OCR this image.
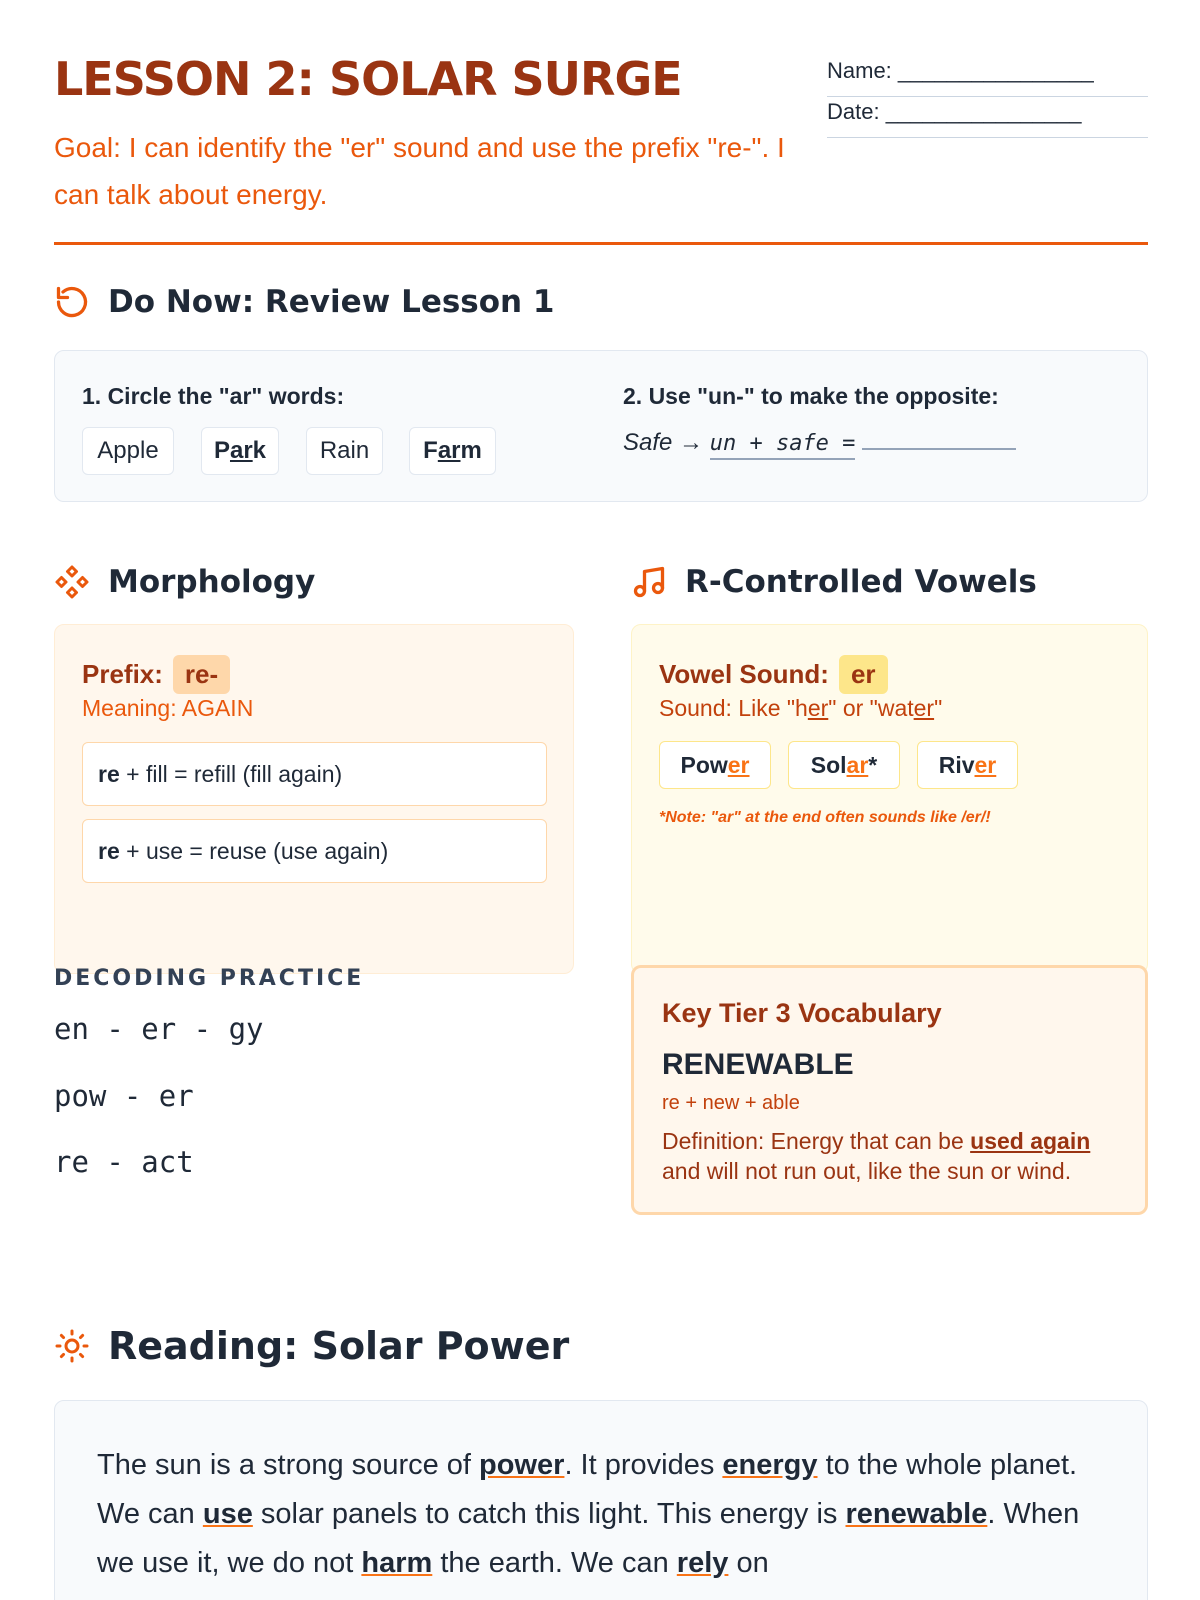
LESSON 2: SOLAR SURGE
Goal: I can identify the "er" sound and use the prefix "re-". I can talk about energy.
Name: ________________
Date: ________________
Do Now: Review Lesson 1
1. Circle the "ar" words:
Apple	Park	Rain	Farm
2. Use "un-" to make the opposite:
Safe → un + safe =
Morphology
Prefix: re-
Meaning: AGAIN
re + fill = refill (fill again)
re + use = reuse (use again)
DECODING PRACTICE
en - er - gy
pow - er
re - act
R-Controlled Vowels
Vowel Sound: er
Sound: Like "her" or "water"
Power	Solar*	River
*Note: "ar" at the end often sounds like /er/!
Key Tier 3 Vocabulary
RENEWABLE
re + new + able
Definition: Energy that can be used again and will not run out, like the sun or wind.
Reading: Solar Power
The sun is a strong source of power. It provides energy to the whole planet. We can use solar panels to catch this light. This energy is renewable. When we use it, we do not harm the earth. We can rely on
